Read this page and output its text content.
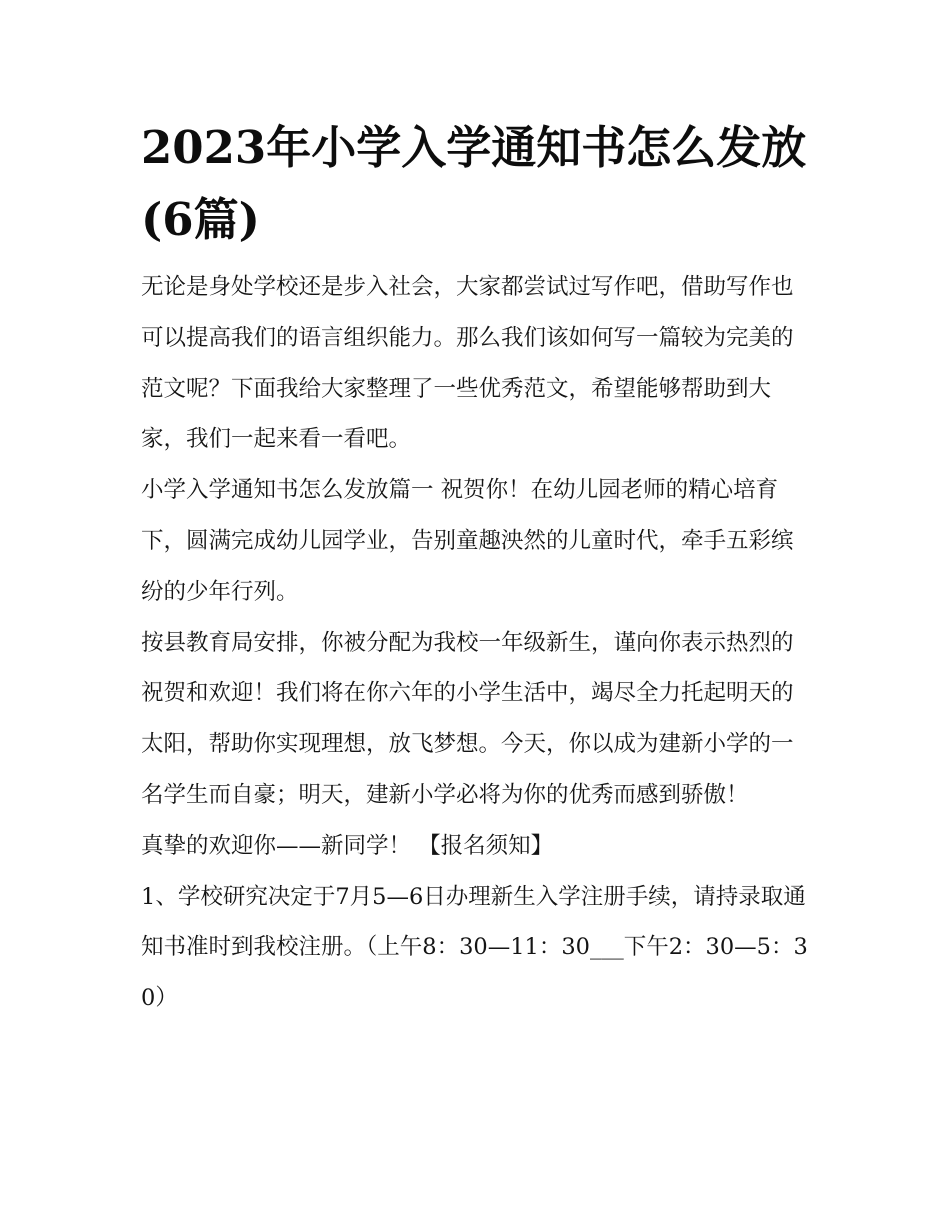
2023年小学入学通知书怎么发放(6篇)

无论是身处学校还是步入社会，大家都尝试过写作吧，借助写作也可以提高我们的语言组织能力。那么我们该如何写一篇较为完美的范文呢？下面我给大家整理了一些优秀范文，希望能够帮助到大家，我们一起来看一看吧。

小学入学通知书怎么发放篇一 祝贺你！在幼儿园老师的精心培育下，圆满完成幼儿园学业，告别童趣泱然的儿童时代，牵手五彩缤纷的少年行列。

按县教育局安排，你被分配为我校一年级新生，谨向你表示热烈的祝贺和欢迎！我们将在你六年的小学生活中，竭尽全力托起明天的太阳，帮助你实现理想，放飞梦想。今天，你以成为建新小学的一名学生而自豪；明天，建新小学必将为你的优秀而感到骄傲！

真挚的欢迎你——新同学！ 【报名须知】

1、学校研究决定于7月5—6日办理新生入学注册手续，请持录取通知书准时到我校注册。（上午8：30—11：30___下午2：30—5：30）
